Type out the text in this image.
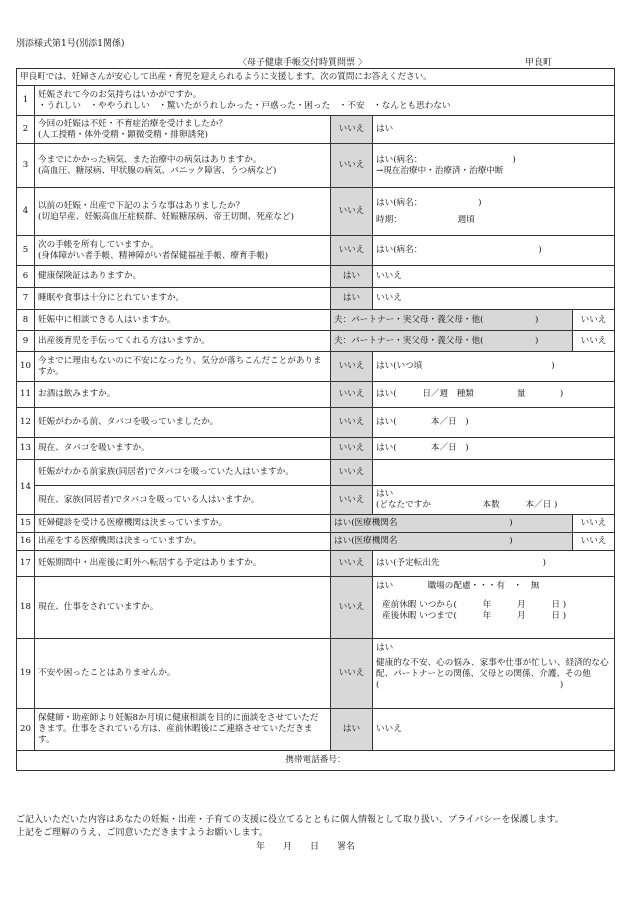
別添様式第1号(別添1関係)
〈母子健康手帳交付時質問票 〉	甲良町
甲良町では、妊婦さんが安心して出産・育児を迎えられるように支援します。次の質問にお答えください。				
1	妊娠されて今のお気持ちはいかがですか。
・うれしい　・ややうれしい　・驚いたがうれしかった・戸惑った・困った　・不安　・なんとも思わない			

2	今回の妊娠は不妊・不育症治療を受けましたか？
(人工授精・体外受精・顕微受精・排卵誘発)	いいえ	はい	
3	今までにかかった病気、また治療中の病気はありますか。
(高血圧、糖尿病、甲状腺の病気、パニック障害、うつ病など)	いいえ	はい(病名：　　　　　　　　　　　)
→現在治療中・治療済・治療中断	

4	以前の妊娠・出産で下記のような事はありましたか？
(切迫早産、妊娠高血圧症候群、妊娠糖尿病、帝王切開、死産など)	いいえ	はい(病名：　　　　　　　)
時期：　　　　　　　週頃	

5	次の手帳を所有していますか。
(身体障がい者手帳、精神障がい者保健福祉手帳、療育手帳)	いいえ	はい(病名：　　　　　　　　　　　　　　)	
6	健康保険証はありますか。	はい	いいえ	
7	睡眠や食事は十分にとれていますか。	はい	いいえ	
8	妊娠中に相談できる人はいますか。	夫：パートナー・実父母・義父母・他(　　　　　　)		いいえ
9	出産後育児を手伝ってくれる方はいますか。	夫：パートナー・実父母・義父母・他(　　　　　　)		いいえ
10	今までに理由もないのに不安になったり、気分が落ちこんだことがありますか。	いいえ	はい(いつ頃　　　　　　　　　　　　　　　)	
11	お酒は飲みますか。	いいえ	はい(　　　日／週　種類　　　　　量　　　　)	
12	妊娠がわかる前、タバコを吸っていましたか。	いいえ	はい(　　　　本／日　)	
13	現在、タバコを吸いますか。	いいえ	はい(　　　　本／日　)	
14	妊娠がわかる前家族(同居者)でタバコを吸っていた人はいますか。	いいえ		
	現在、家族(同居者)でタバコを吸っている人はいますか。	いいえ	はい
(どなたですか　　　　　　本数　　　本／日 )	

15	妊婦健診を受ける医療機関は決まっていますか。	はい(医療機関名　　　　　　　　　　　　　)		いいえ
16	出産をする医療機関は決まっていますか。	はい(医療機関名　　　　　　　　　　　　　)		いいえ
17	妊娠期間中・出産後に町外へ転居する予定はありますか。	いいえ	はい(予定転出先　　　　　　　　　　　　)	
18	現在、仕事をされていますか。	いいえ	はい　　　　職場の配慮・・・有　・　無
産前休暇 いつから(　　　年　　　月　　　日 )
産後休暇 いつまで(　　　年　　　月　　　日 )	

19	不安や困ったことはありませんか。	いいえ	はい
健康的な不安、心の悩み、家事や仕事が忙しい、経済的な心配、パートナーとの関係、父母との関係、介護、その他(　　　　　　　　　　　　　　　　　　　　　)	

20	保健師・助産師より妊娠8か月頃に健康相談を目的に面談をさせていただきます。仕事をされている方は、産前休暇後にご連絡させていただきます。	はい	いいえ	
携帯電話番号：				
ご記入いただいた内容はあなたの妊娠・出産・子育ての支援に役立てるとともに個人情報として取り扱い、プライバシーを保護します。
上記をご理解のうえ、ご同意いただきますようお願いします。
年　　月　　日　　署名
